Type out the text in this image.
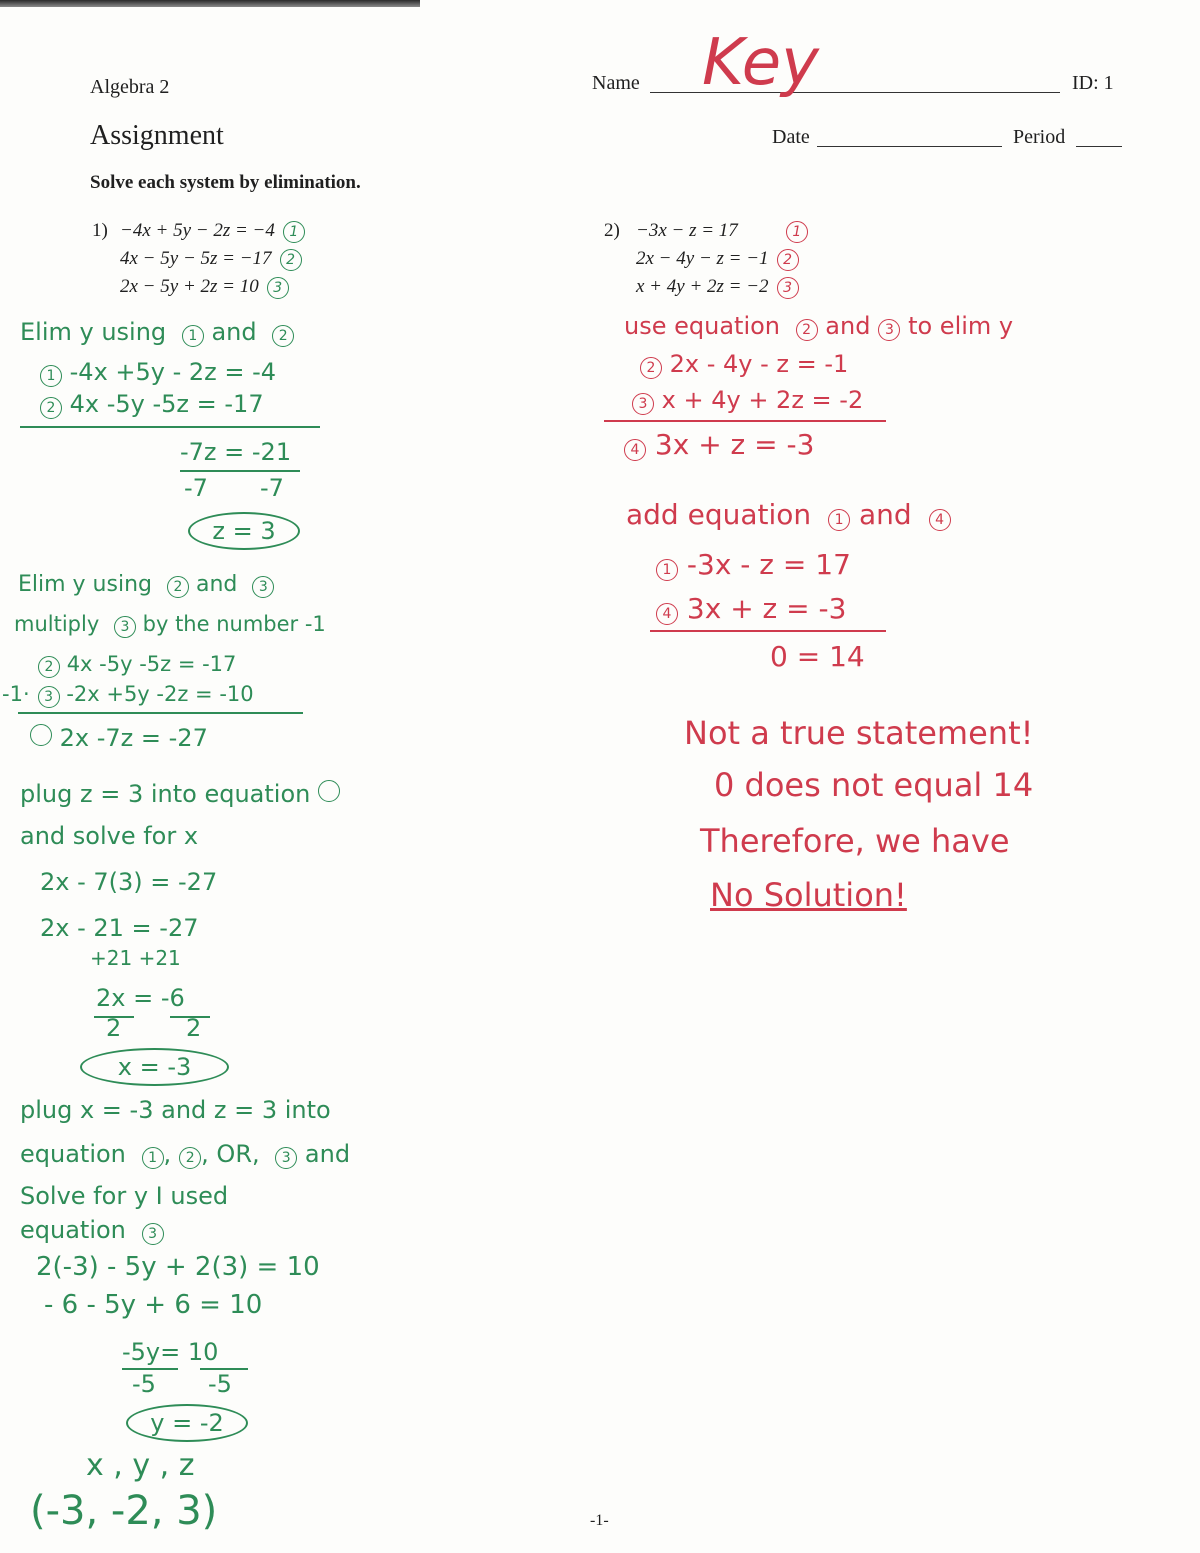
Algebra 2
Assignment
Solve each system by elimination.
Name Key	ID: 1
Date	Period
1) −4x + 5y − 2z = −4 1
4x − 5y − 5z = −17 2
2x − 5y + 2z = 10 3
Elim y using 1 and 2
1 -4x +5y - 2z = -4
2 4x -5y -5z = -17
-7z = -21
-7 -7
z = 3
Elim y using 2 and 3
multiply 3 by the number -1
2 4x -5y -5z = -17
-1· 3 -2x +5y -2z = -10
2x -7z = -27
plug z = 3 into equation
and solve for x
2x - 7(3) = -27
2x - 21 = -27
+21 +21
2x = -6
2	2
x = -3
plug x = -3 and z = 3 into
equation 1 , 2 , OR, 3 and
Solve for y I used
equation 3
2(-3) - 5y + 2(3) = 10
- 6 - 5y + 6 = 10
-5y= 10
-5 -5
y = -2
x , y , z
(-3, -2, 3)
2) −3x − z = 17	1
2x − 4y − z = −1 2
x + 4y + 2z = −2 3
use equation 2 and 3 to elim y
2 2x - 4y - z = -1
3 x + 4y + 2z = -2
4 3x + z = -3
add equation 1 and 4
1 -3x - z = 17
4 3x + z = -3
0 = 14
Not a true statement!
0 does not equal 14
Therefore, we have
No Solution!
-1-
